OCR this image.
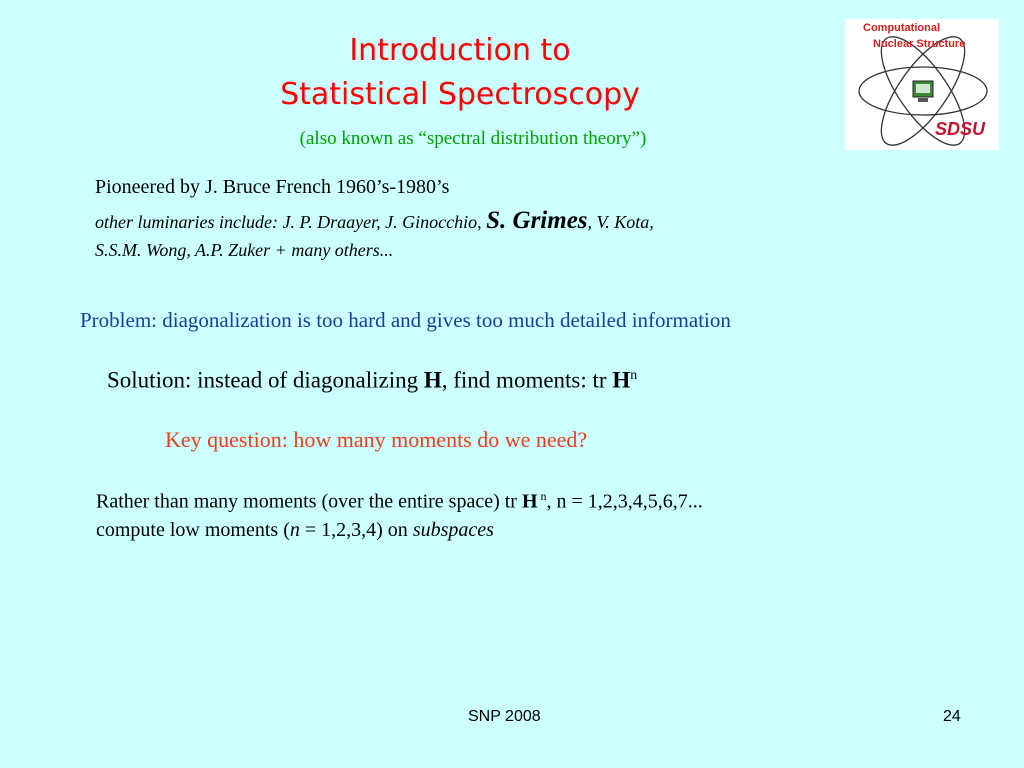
Introduction to
Statistical Spectroscopy
(also known as “spectral distribution theory”)	SDSU
Computational
Nuclear Structure
Pioneered by J. Bruce French 1960’s-1980’s
other luminaries include: J. P. Draayer, J. Ginocchio, S. Grimes, V. Kota,
S.S.M. Wong, A.P. Zuker + many others...
Problem: diagonalization is too hard and gives too much detailed information
Solution: instead of diagonalizing H, find moments: tr $H^n$
Key question: how many moments do we need?
Rather than many moments (over the entire space) tr H $^n$, n = 1,2,3,4,5,6,7...
compute low moments (n = 1,2,3,4) on subspaces
SNP 2008	24
